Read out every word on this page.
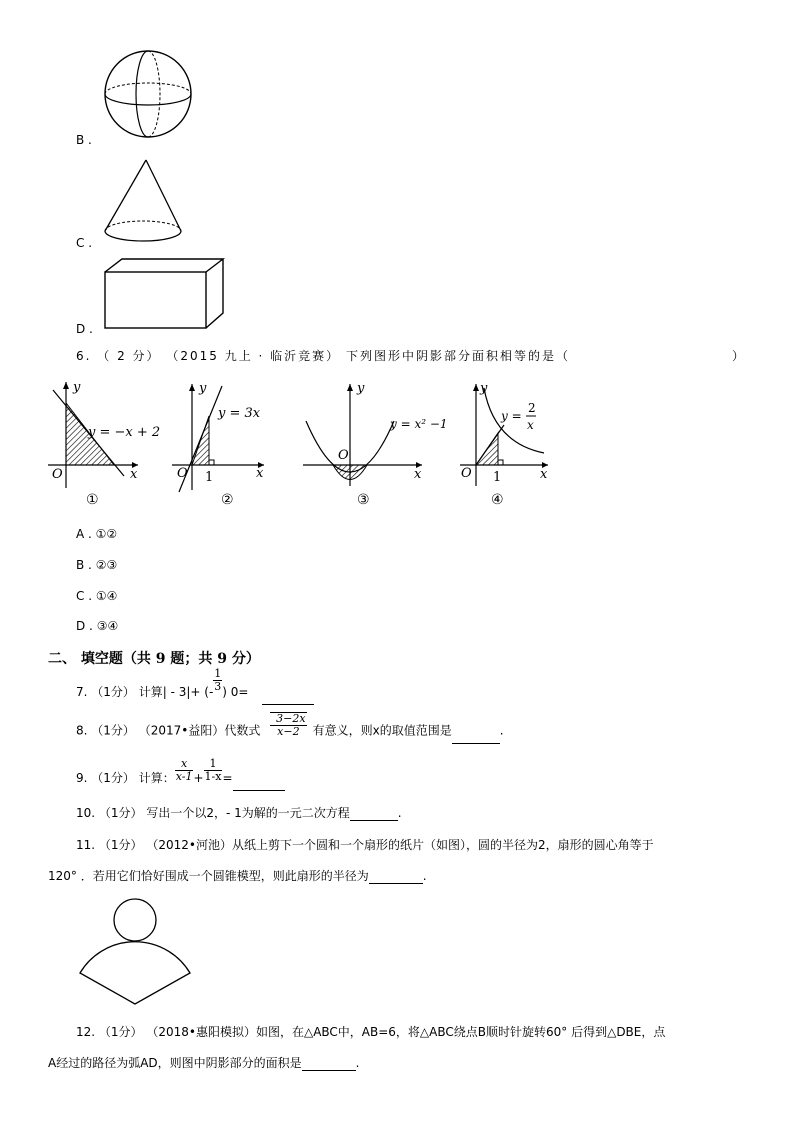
B .
C .
D .
6. （ 2 分） （2015 九上 · 临沂竞赛） 下列图形中阴影部分面积相等的是（	）
y
x
O
y = −x + 2
①
y
x
O 1
y = 3x
②
y
x
O
y = x² −1
③
y
x
O 1
y =
2
x
④
A . ①②
B . ②③
C . ①④
D . ③④
二、 填空题（共 9 题；共 9 分）
7. （1分） 计算| - 3|+ (- $\frac{1}{3}$ ) 0=
8. （1分） （2017•益阳）代数式 $\frac{3-2x}{x-2}$ 有意义，则x的取值范围是	.
9. （1分） 计算： $\frac{x}{x-1} + \frac{1}{1-x}$ =
10. （1分） 写出一个以2，- 1为解的一元二次方程	.
11. （1分） （2012•河池）从纸上剪下一个圆和一个扇形的纸片（如图），圆的半径为2，扇形的圆心角等于
120° ．若用它们恰好围成一个圆锥模型，则此扇形的半径为	.
12. （1分） （2018•惠阳模拟）如图，在△ABC中，AB=6，将△ABC绕点B顺时针旋转60° 后得到△DBE，点
A经过的路径为弧AD，则图中阴影部分的面积是	.
